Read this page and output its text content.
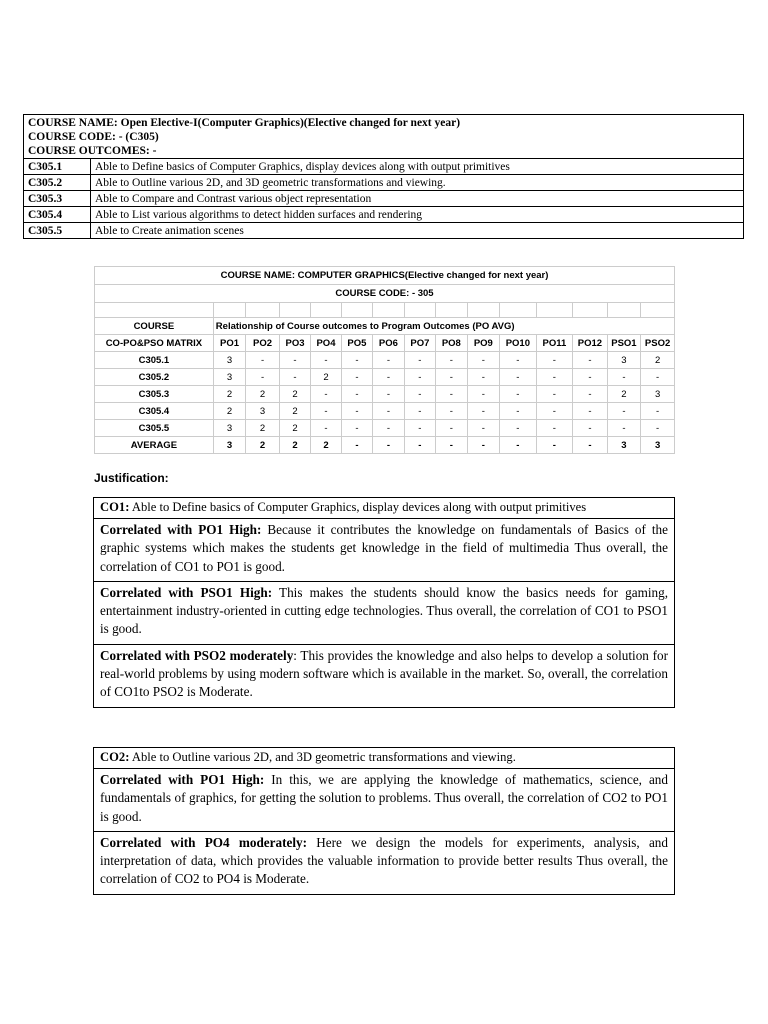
COURSE NAME: Open Elective-I(Computer Graphics)(Elective changed for next year)	
COURSE CODE: - (C305)	
COURSE OUTCOMES: -	
C305.1	Able to Define basics of Computer Graphics, display devices along with output primitives
C305.2	Able to Outline various 2D, and 3D geometric transformations and viewing.
C305.3	Able to Compare and Contrast various object representation
C305.4	Able to List various algorithms to detect hidden surfaces and rendering
C305.5	Able to Create animation scenes
COURSE NAME: COMPUTER GRAPHICS(Elective changed for next year)														
COURSE CODE: - 305														

COURSE	Relationship of Course outcomes to Program Outcomes (PO AVG)													
CO-PO&PSO MATRIX	PO1	PO2	PO3	PO4	PO5	PO6	PO7	PO8	PO9	PO10	PO11	PO12	PSO1	PSO2
C305.1	3	-	-	-	-	-	-	-	-	-	-	-	3	2
C305.2	3	-	-	2	-	-	-	-	-	-	-	-	-	-
C305.3	2	2	2	-	-	-	-	-	-	-	-	-	2	3
C305.4	2	3	2	-	-	-	-	-	-	-	-	-	-	-
C305.5	3	2	2	-	-	-	-	-	-	-	-	-	-	-
AVERAGE	3	2	2	2	-	-	-	-	-	-	-	-	3	3
Justification:
CO1: Able to Define basics of Computer Graphics, display devices along with output primitives
Correlated with PO1 High: Because it contributes the knowledge on fundamentals of Basics of the graphic systems which makes the students get knowledge in the field of multimedia Thus overall, the correlation of CO1 to PO1 is good.
Correlated with PSO1 High: This makes the students should know the basics needs for gaming, entertainment industry-oriented in cutting edge technologies. Thus overall, the correlation of CO1 to PSO1 is good.
Correlated with PSO2 moderately: This provides the knowledge and also helps to develop a solution for real-world problems by using modern software which is available in the market. So, overall, the correlation of CO1to PSO2 is Moderate.
CO2: Able to Outline various 2D, and 3D geometric transformations and viewing.
Correlated with PO1 High: In this, we are applying the knowledge of mathematics, science, and fundamentals of graphics, for getting the solution to problems. Thus overall, the correlation of CO2 to PO1 is good.
Correlated with PO4 moderately: Here we design the models for experiments, analysis, and interpretation of data, which provides the valuable information to provide better results Thus overall, the correlation of CO2 to PO4 is Moderate.
